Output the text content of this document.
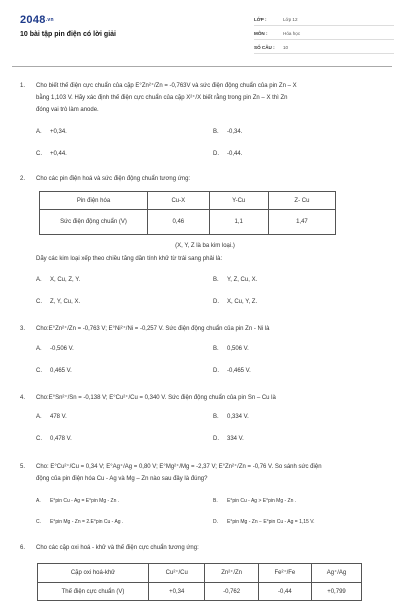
$2048^{.vn}$
10 bài tập pin điện có lời giải
LỚP :	Lớp 12
MÔN :	Hóa học
SỐ CÂU : 10
1. Cho biết thế điện cực chuẩn của cặp E°Zn²⁺/Zn = -0,763V và sức điện động chuẩn của pin Zn – X
bằng 1,103 V. Hãy xác định thế điện cực chuẩn của cặp X²⁺/X biết rằng trong pin Zn – X thì Zn
đóng vai trò làm anode.
A. +0,34.	B. -0,34.
C. +0,44.	D. -0,44.
2. Cho các pin điện hoá và sức điện động chuẩn tương ứng:
Pin điện hóa	Cu-X	Y-Cu	Z- Cu
Sức điện động chuẩn (V)	0,46	1,1	1,47
(X, Y, Z là ba kim loại.)
Dãy các kim loại xếp theo chiều tăng dần tính khử từ trái sang phải là:
A. X, Cu, Z, Y.	B. Y, Z, Cu, X.
C. Z, Y, Cu, X.	D. X, Cu, Y, Z.
3. Cho:E°Zn²⁺/Zn = -0,763 V; E°Ni²⁺/Ni = -0,257 V. Sức điện động chuẩn của pin Zn - Ni là
A. -0,506 V.	B. 0,506 V.
C. 0,465 V.	D. -0,465 V.
4. Cho:E°Sn²⁺/Sn = -0,138 V; E°Cu²⁺/Cu = 0,340 V. Sức điện động chuẩn của pin Sn – Cu là
A. 478 V.	B. 0,334 V.
C. 0,478 V.	D. 334 V.
5. Cho: E°Cu²⁺/Cu = 0,34 V; E°Ag⁺/Ag = 0,80 V; E°Mg²⁺/Mg = -2,37 V; E°Zn²⁺/Zn = -0,76 V. So sánh sức điện
động của pin điện hóa Cu - Ag và Mg – Zn nào sau đây là đúng?
A. E°pin Cu - Ag = E°pin Mg - Zn .	B. E°pin Cu - Ag > E°pin Mg - Zn .
C. E°pin Mg - Zn = 2.E°pin Cu - Ag .	D. E°pin Mg - Zn − E°pin Cu - Ag = 1,15 V.
6. Cho các cặp oxi hoá - khử và thế điện cực chuẩn tương ứng:
Cặp oxi hoá-khử	Cu²⁺/Cu	Zn²⁺/Zn	Fe²⁺/Fe	Ag⁺/Ag
Thế điện cực chuẩn (V)	+0,34	-0,762	-0,44	+0,799
